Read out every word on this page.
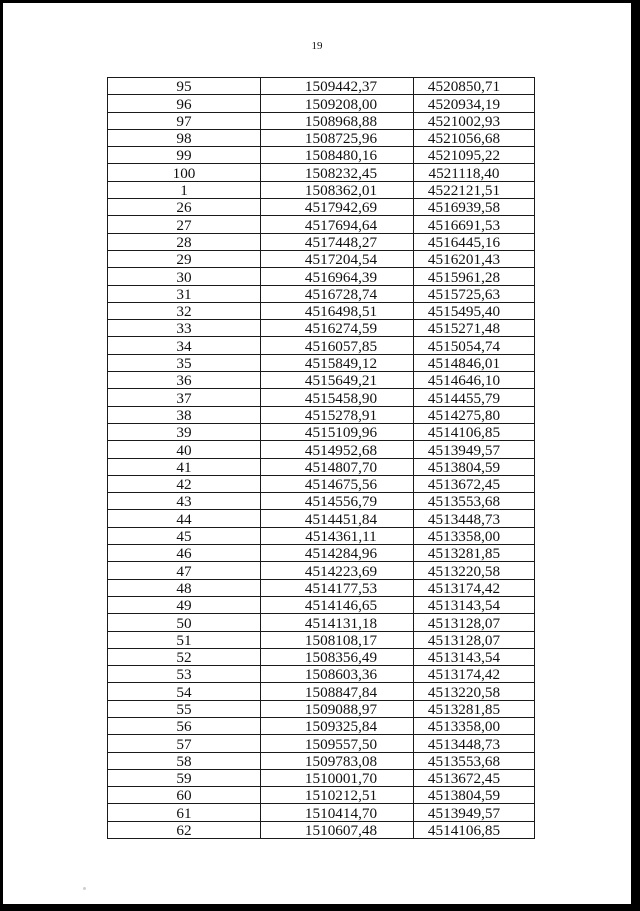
19
95	1509442,37	4520850,71
96	1509208,00	4520934,19
97	1508968,88	4521002,93
98	1508725,96	4521056,68
99	1508480,16	4521095,22
100	1508232,45	4521118,40
1	1508362,01	4522121,51
26	4517942,69	4516939,58
27	4517694,64	4516691,53
28	4517448,27	4516445,16
29	4517204,54	4516201,43
30	4516964,39	4515961,28
31	4516728,74	4515725,63
32	4516498,51	4515495,40
33	4516274,59	4515271,48
34	4516057,85	4515054,74
35	4515849,12	4514846,01
36	4515649,21	4514646,10
37	4515458,90	4514455,79
38	4515278,91	4514275,80
39	4515109,96	4514106,85
40	4514952,68	4513949,57
41	4514807,70	4513804,59
42	4514675,56	4513672,45
43	4514556,79	4513553,68
44	4514451,84	4513448,73
45	4514361,11	4513358,00
46	4514284,96	4513281,85
47	4514223,69	4513220,58
48	4514177,53	4513174,42
49	4514146,65	4513143,54
50	4514131,18	4513128,07
51	1508108,17	4513128,07
52	1508356,49	4513143,54
53	1508603,36	4513174,42
54	1508847,84	4513220,58
55	1509088,97	4513281,85
56	1509325,84	4513358,00
57	1509557,50	4513448,73
58	1509783,08	4513553,68
59	1510001,70	4513672,45
60	1510212,51	4513804,59
61	1510414,70	4513949,57
62	1510607,48	4514106,85
